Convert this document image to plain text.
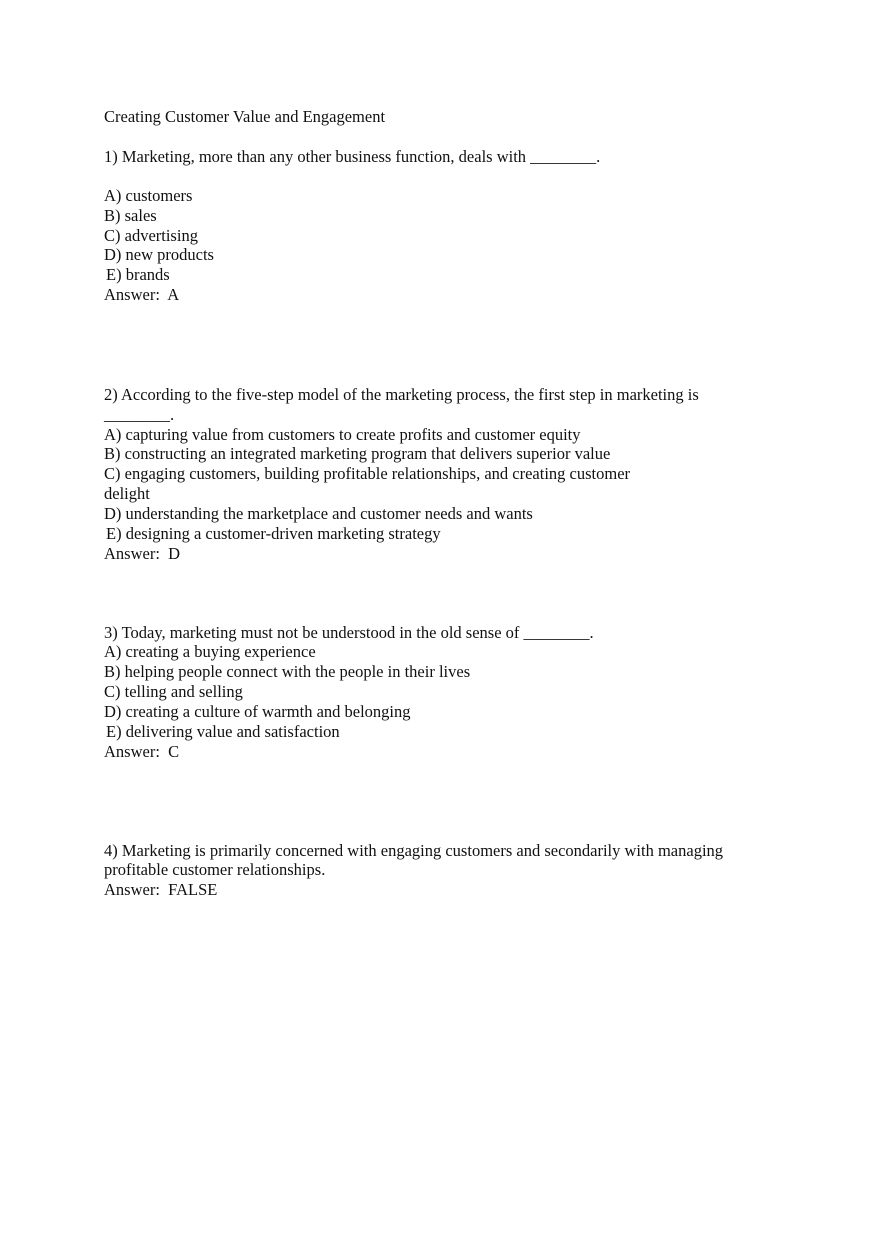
Creating Customer Value and Engagement
1) Marketing, more than any other business function, deals with ________.
A) customers
B) sales
C) advertising
D) new products
E) brands
Answer:  A
2) According to the five-step model of the marketing process, the first step in marketing is
________.
A) capturing value from customers to create profits and customer equity
B) constructing an integrated marketing program that delivers superior value
C) engaging customers, building profitable relationships, and creating customer
delight
D) understanding the marketplace and customer needs and wants
E) designing a customer-driven marketing strategy
Answer:  D
3) Today, marketing must not be understood in the old sense of ________.
A) creating a buying experience
B) helping people connect with the people in their lives
C) telling and selling
D) creating a culture of warmth and belonging
E) delivering value and satisfaction
Answer:  C
4) Marketing is primarily concerned with engaging customers and secondarily with managing
profitable customer relationships.
Answer:  FALSE
